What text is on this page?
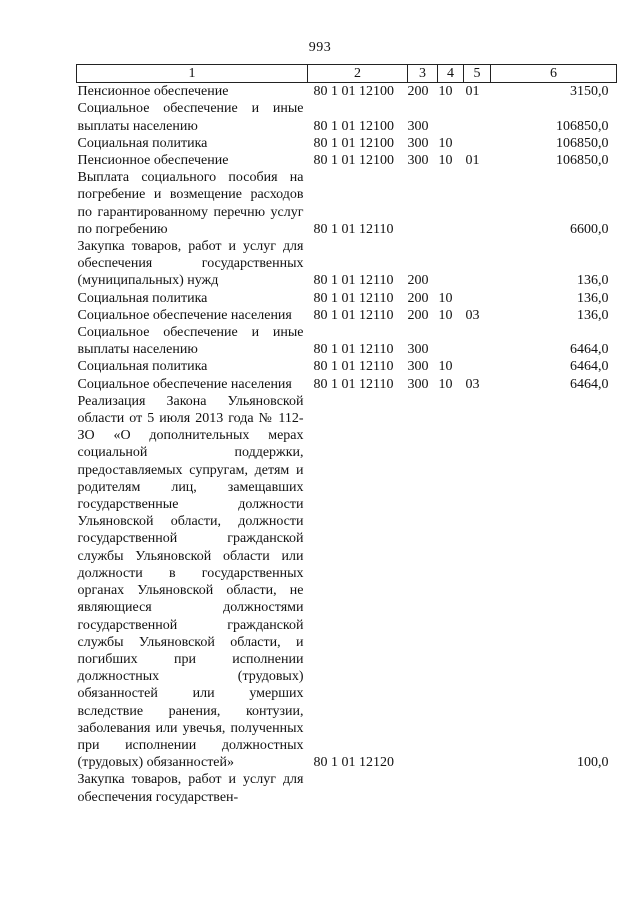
993
1	2	3	4	5	6
Пенсионное обеспечение	80 1 01 12100	200	10	01	3150,0
Социальное обеспечение и иные выплаты населению	80 1 01 12100	300			106850,0
Социальная политика	80 1 01 12100	300	10		106850,0
Пенсионное обеспечение	80 1 01 12100	300	10	01	106850,0
Выплата социального пособия на погребение и возмещение расходов по гарантированному перечню услуг по погребению	80 1 01 12110				6600,0
Закупка товаров, работ и услуг для обеспечения государственных (муниципальных) нужд	80 1 01 12110	200			136,0
Социальная политика	80 1 01 12110	200	10		136,0
Социальное обеспечение населения	80 1 01 12110	200	10	03	136,0
Социальное обеспечение и иные выплаты населению	80 1 01 12110	300			6464,0
Социальная политика	80 1 01 12110	300	10		6464,0
Социальное обеспечение населения	80 1 01 12110	300	10	03	6464,0
Реализация Закона Ульяновской области от 5 июля 2013 года № 112-ЗО «О дополнительных мерах социальной поддержки, предоставляемых супругам, детям и родителям лиц, замещавших государственные должности Ульяновской области, должности государственной гражданской службы Ульяновской области или должности в государственных органах Ульяновской области, не являющиеся должностями государственной гражданской службы Ульяновской области, и погибших при исполнении должностных (трудовых) обязанностей или умерших вследствие ранения, контузии, заболевания или увечья, полученных при исполнении должностных (трудовых) обязанностей»	80 1 01 12120				100,0
Закупка товаров, работ и услуг для обеспечения государствен-					
